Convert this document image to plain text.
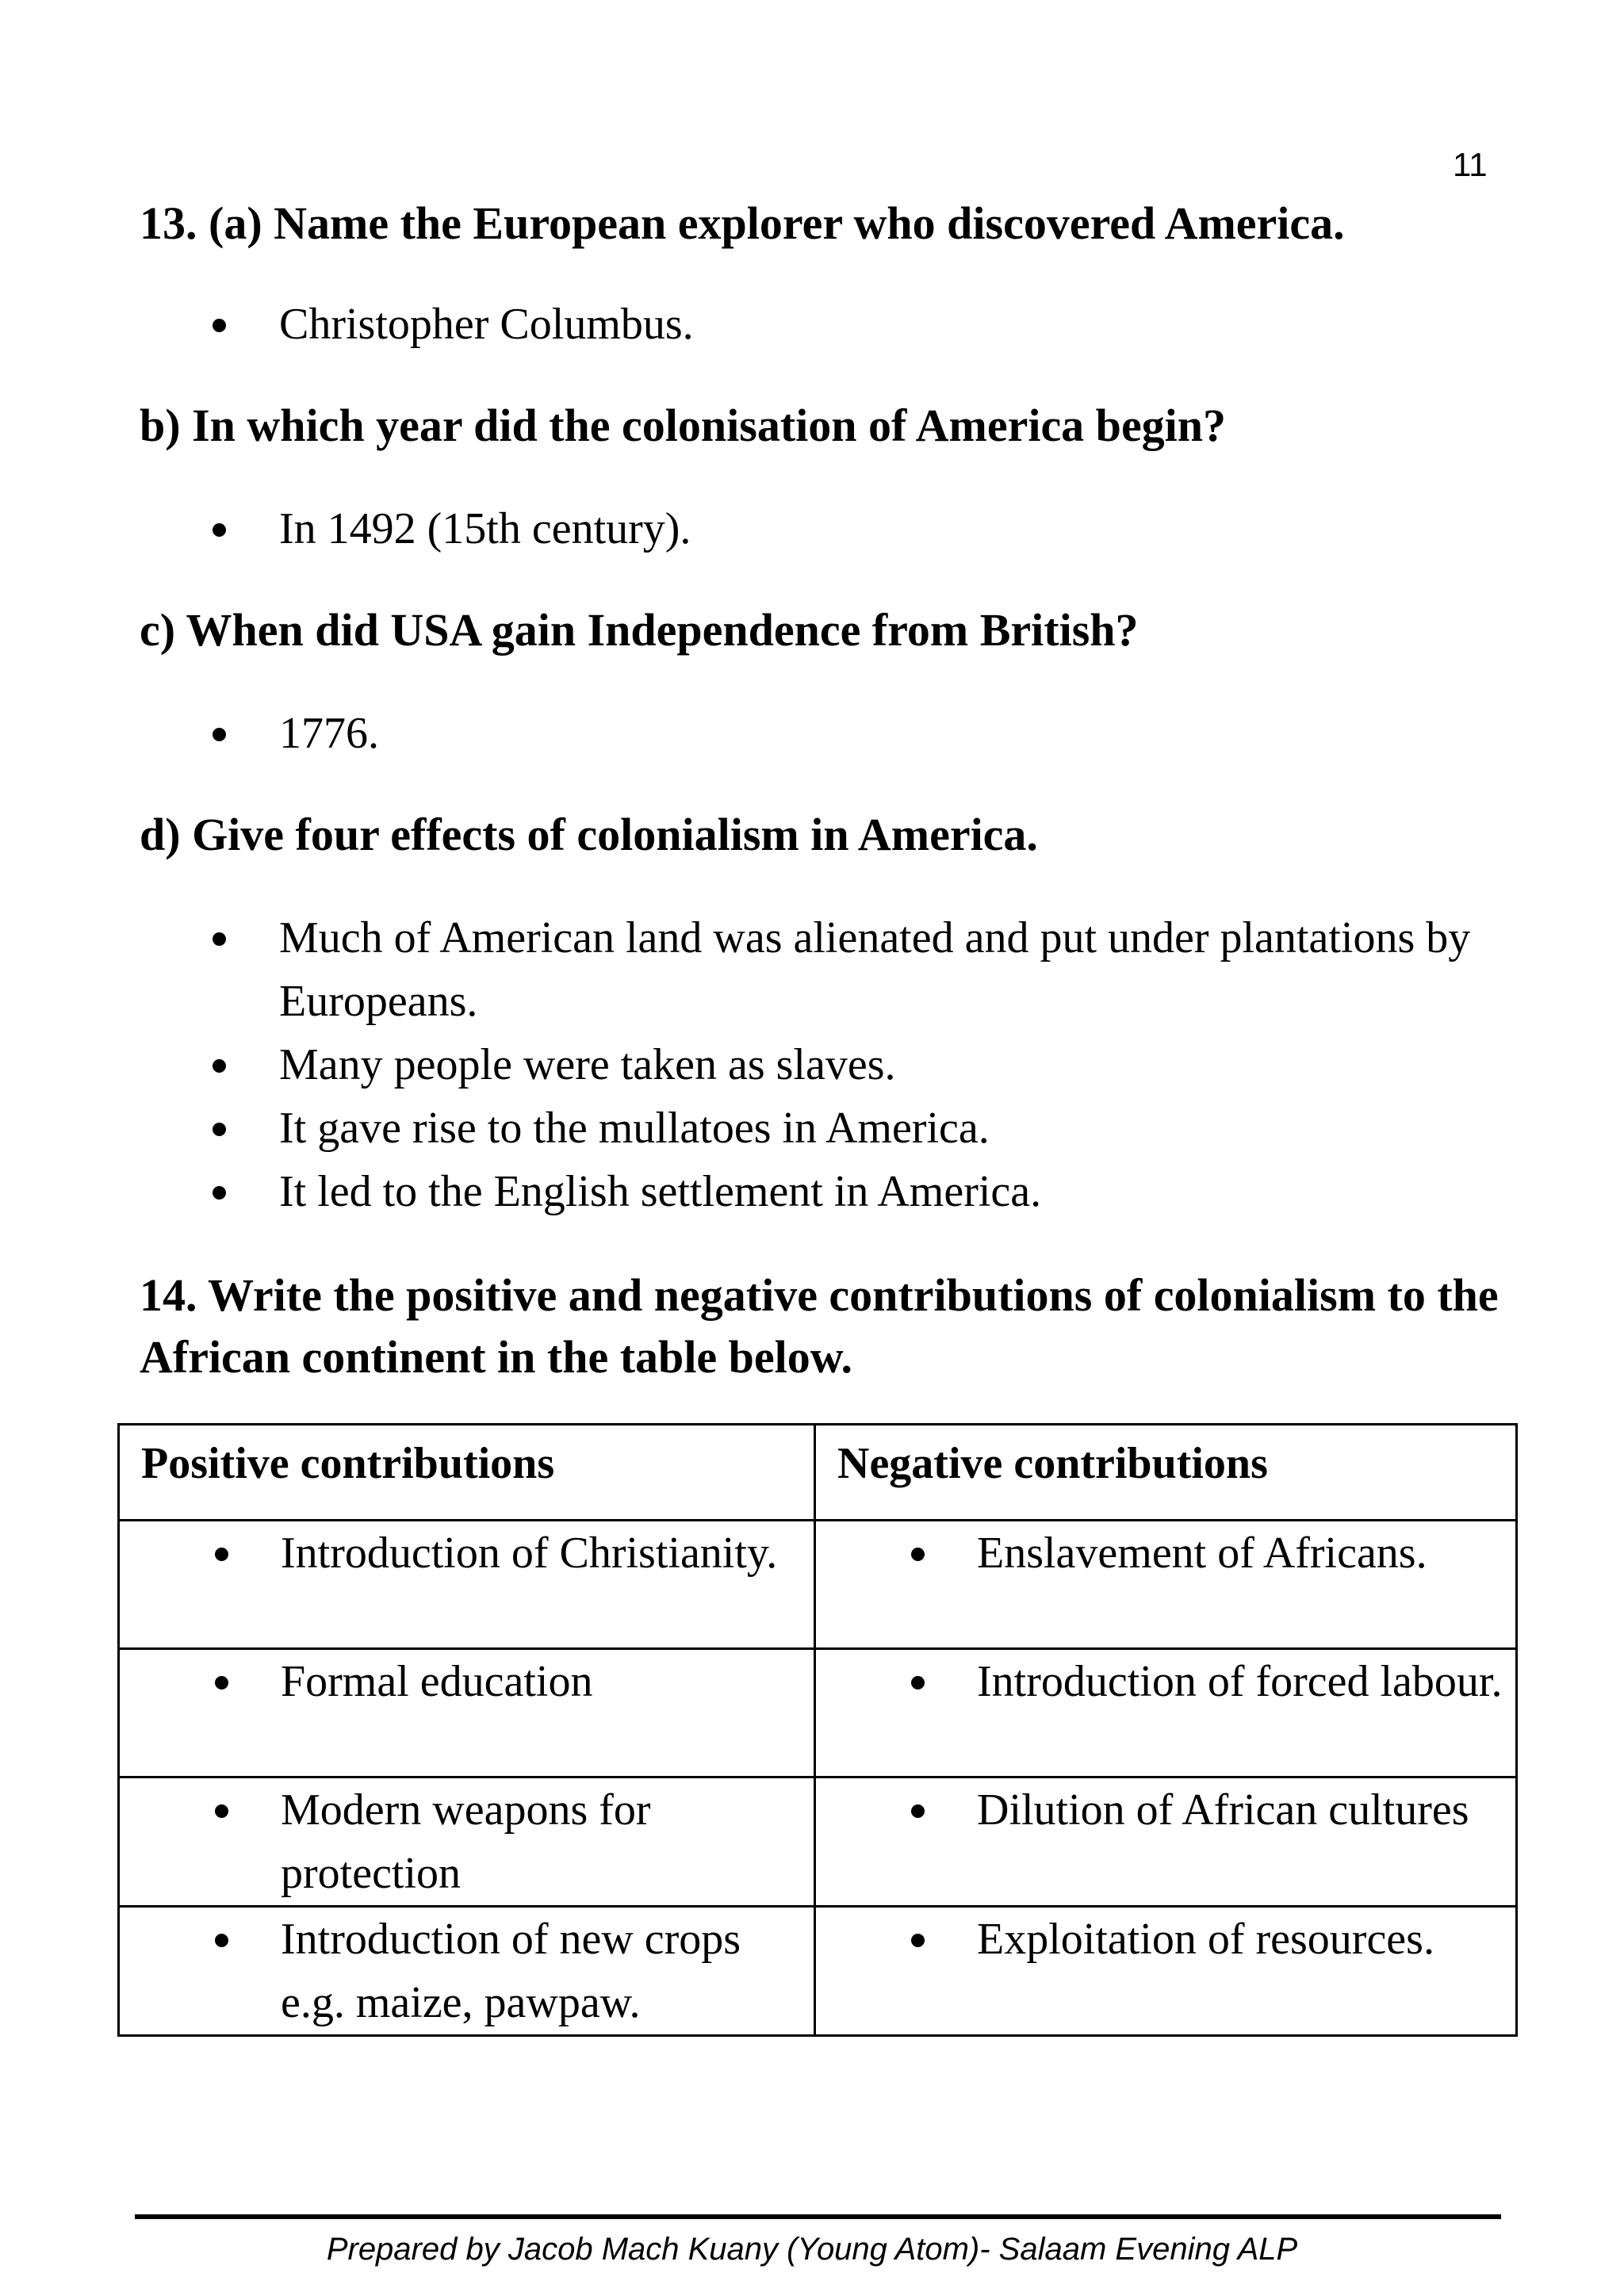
11

13. (a) Name the European explorer who discovered America.

Christopher Columbus.

b) In which year did the colonisation of America begin?

In 1492 (15th century).

c) When did USA gain Independence from British?

1776.

d) Give four effects of colonialism in America.

Much of American land was alienated and put under plantations by Europeans.
Many people were taken as slaves.
It gave rise to the mullatoes in America.
It led to the English settlement in America.

14. Write the positive and negative contributions of colonialism to the African continent in the table below.

Positive contributions	Negative contributions

Introduction of Christianity.	Enslavement of Africans.

Formal education	Introduction of forced labour.

Modern weapons for protection	Dilution of African cultures

Introduction of new crops e.g. maize, pawpaw.	Exploitation of resources.
Prepared by Jacob Mach Kuany (Young Atom)- Salaam Evening ALP
